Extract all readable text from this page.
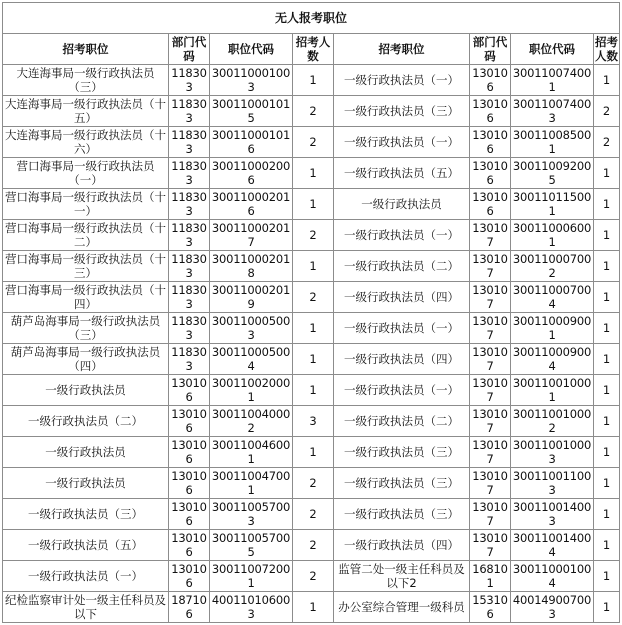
无人报考职位							
招考职位	部门代码	职位代码	招考人数	招考职位	部门代码	职位代码	招考人数
大连海事局一级行政执法员（三）	118303	300110001003	1	一级行政执法员（一）	130106	300110074001	1
大连海事局一级行政执法员（十五）	118303	300110001015	2	一级行政执法员（三）	130106	300110074003	2
大连海事局一级行政执法员（十六）	118303	300110001016	2	一级行政执法员（一）	130106	300110085001	2
营口海事局一级行政执法员（一）	118303	300110002006	1	一级行政执法员（五）	130106	300110092005	1
营口海事局一级行政执法员（十一）	118303	300110002016	1	一级行政执法员	130106	300110115001	1
营口海事局一级行政执法员（十二）	118303	300110002017	2	一级行政执法员（一）	130107	300110006001	1
营口海事局一级行政执法员（十三）	118303	300110002018	1	一级行政执法员（二）	130107	300110007002	1
营口海事局一级行政执法员（十四）	118303	300110002019	2	一级行政执法员（四）	130107	300110007004	1
葫芦岛海事局一级行政执法员（三）	118303	300110005003	1	一级行政执法员（一）	130107	300110009001	1
葫芦岛海事局一级行政执法员（四）	118303	300110005004	1	一级行政执法员（四）	130107	300110009004	1
一级行政执法员	130106	300110020001	1	一级行政执法员（一）	130107	300110010001	1
一级行政执法员（二）	130106	300110040002	3	一级行政执法员（二）	130107	300110010002	1
一级行政执法员	130106	300110046001	1	一级行政执法员（三）	130107	300110010003	1
一级行政执法员	130106	300110047001	2	一级行政执法员（三）	130107	300110011003	1
一级行政执法员（三）	130106	300110057003	2	一级行政执法员（三）	130107	300110014003	1
一级行政执法员（五）	130106	300110057005	2	一级行政执法员（四）	130107	300110014004	1
一级行政执法员（一）	130106	300110072001	2	监管二处一级主任科员及以下2	168101	300110001004	1
纪检监察审计处一级主任科员及以下	187106	400110106003	1	办公室综合管理一级科员	153106	400149007003	1
